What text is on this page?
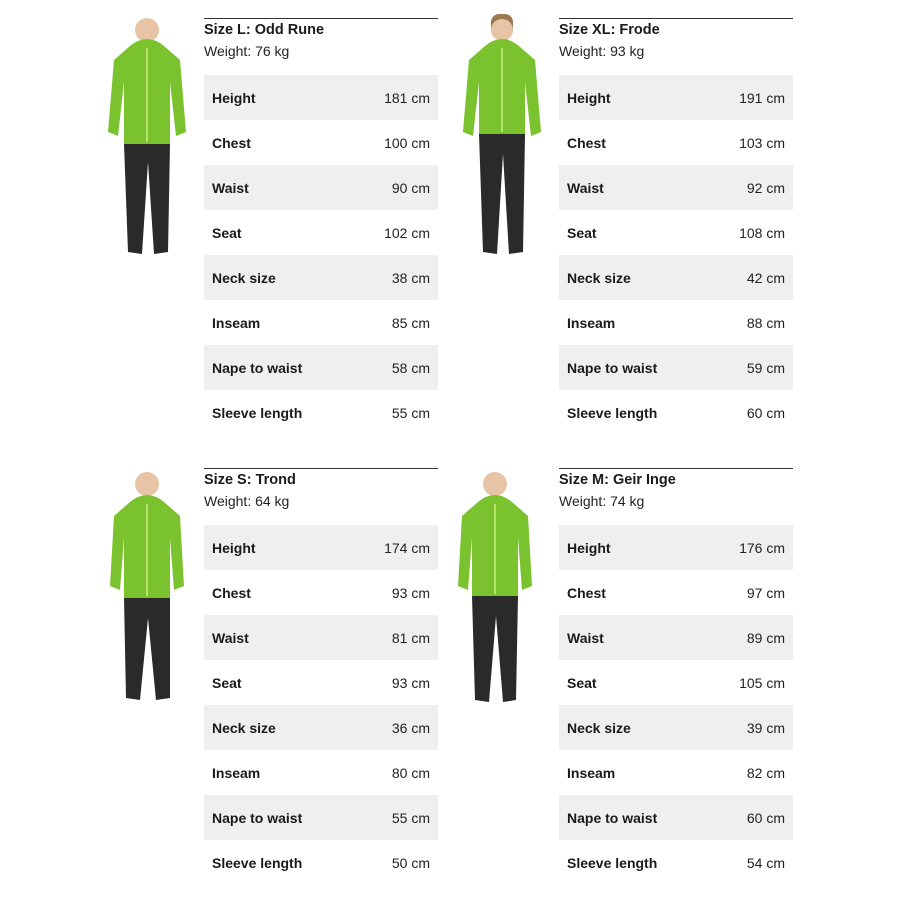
Size L: Odd Rune
Weight: 76 kg
Height	181 cm
Chest	100 cm
Waist	90 cm
Seat	102 cm
Neck size	38 cm
Inseam	85 cm
Nape to waist	58 cm
Sleeve length	55 cm
Size XL: Frode
Weight: 93 kg
Height	191 cm
Chest	103 cm
Waist	92 cm
Seat	108 cm
Neck size	42 cm
Inseam	88 cm
Nape to waist	59 cm
Sleeve length	60 cm
Size S: Trond
Weight: 64 kg
Height	174 cm
Chest	93 cm
Waist	81 cm
Seat	93 cm
Neck size	36 cm
Inseam	80 cm
Nape to waist	55 cm
Sleeve length	50 cm
Size M: Geir Inge
Weight: 74 kg
Height	176 cm
Chest	97 cm
Waist	89 cm
Seat	105 cm
Neck size	39 cm
Inseam	82 cm
Nape to waist	60 cm
Sleeve length	54 cm
